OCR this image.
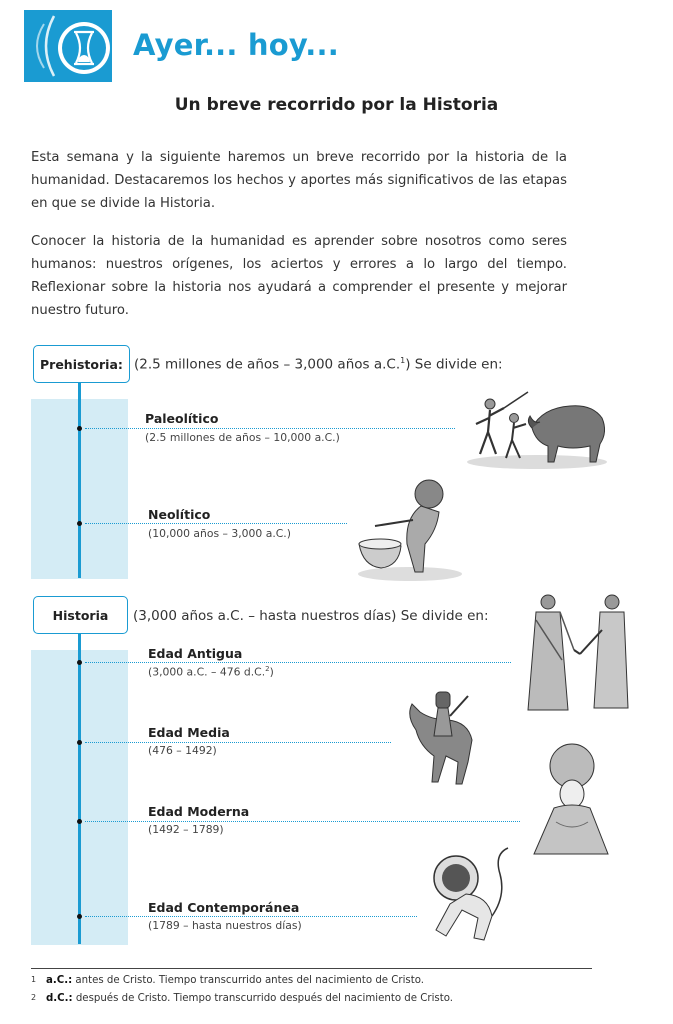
Ayer... hoy...
Un breve recorrido por la Historia
Esta semana y la siguiente haremos un breve recorrido por la historia de la humanidad. Destacaremos los hechos y aportes más significativos de las etapas en que se divide la Historia.
Conocer la historia de la humanidad es aprender sobre nosotros como seres humanos: nuestros orígenes, los aciertos y errores a lo largo del tiempo. Reflexionar sobre la historia nos ayudará a comprender el presente y mejorar nuestro futuro.
Prehistoria: (2.5 millones de años – 3,000 años a.C.$^1$) Se divide en:
Paleolítico
(2.5 millones de años – 10,000 a.C.)
Neolítico
(10,000 años – 3,000 a.C.)
Historia	(3,000 años a.C. – hasta nuestros días) Se divide en:
Edad Antigua
(3,000 a.C. – 476 d.C.$^2$)
Edad Media
(476 – 1492)
Edad Moderna
(1492 – 1789)
Edad Contemporánea
(1789 – hasta nuestros días)
1 a.C.: antes de Cristo. Tiempo transcurrido antes del nacimiento de Cristo.
2 d.C.: después de Cristo. Tiempo transcurrido después del nacimiento de Cristo.
